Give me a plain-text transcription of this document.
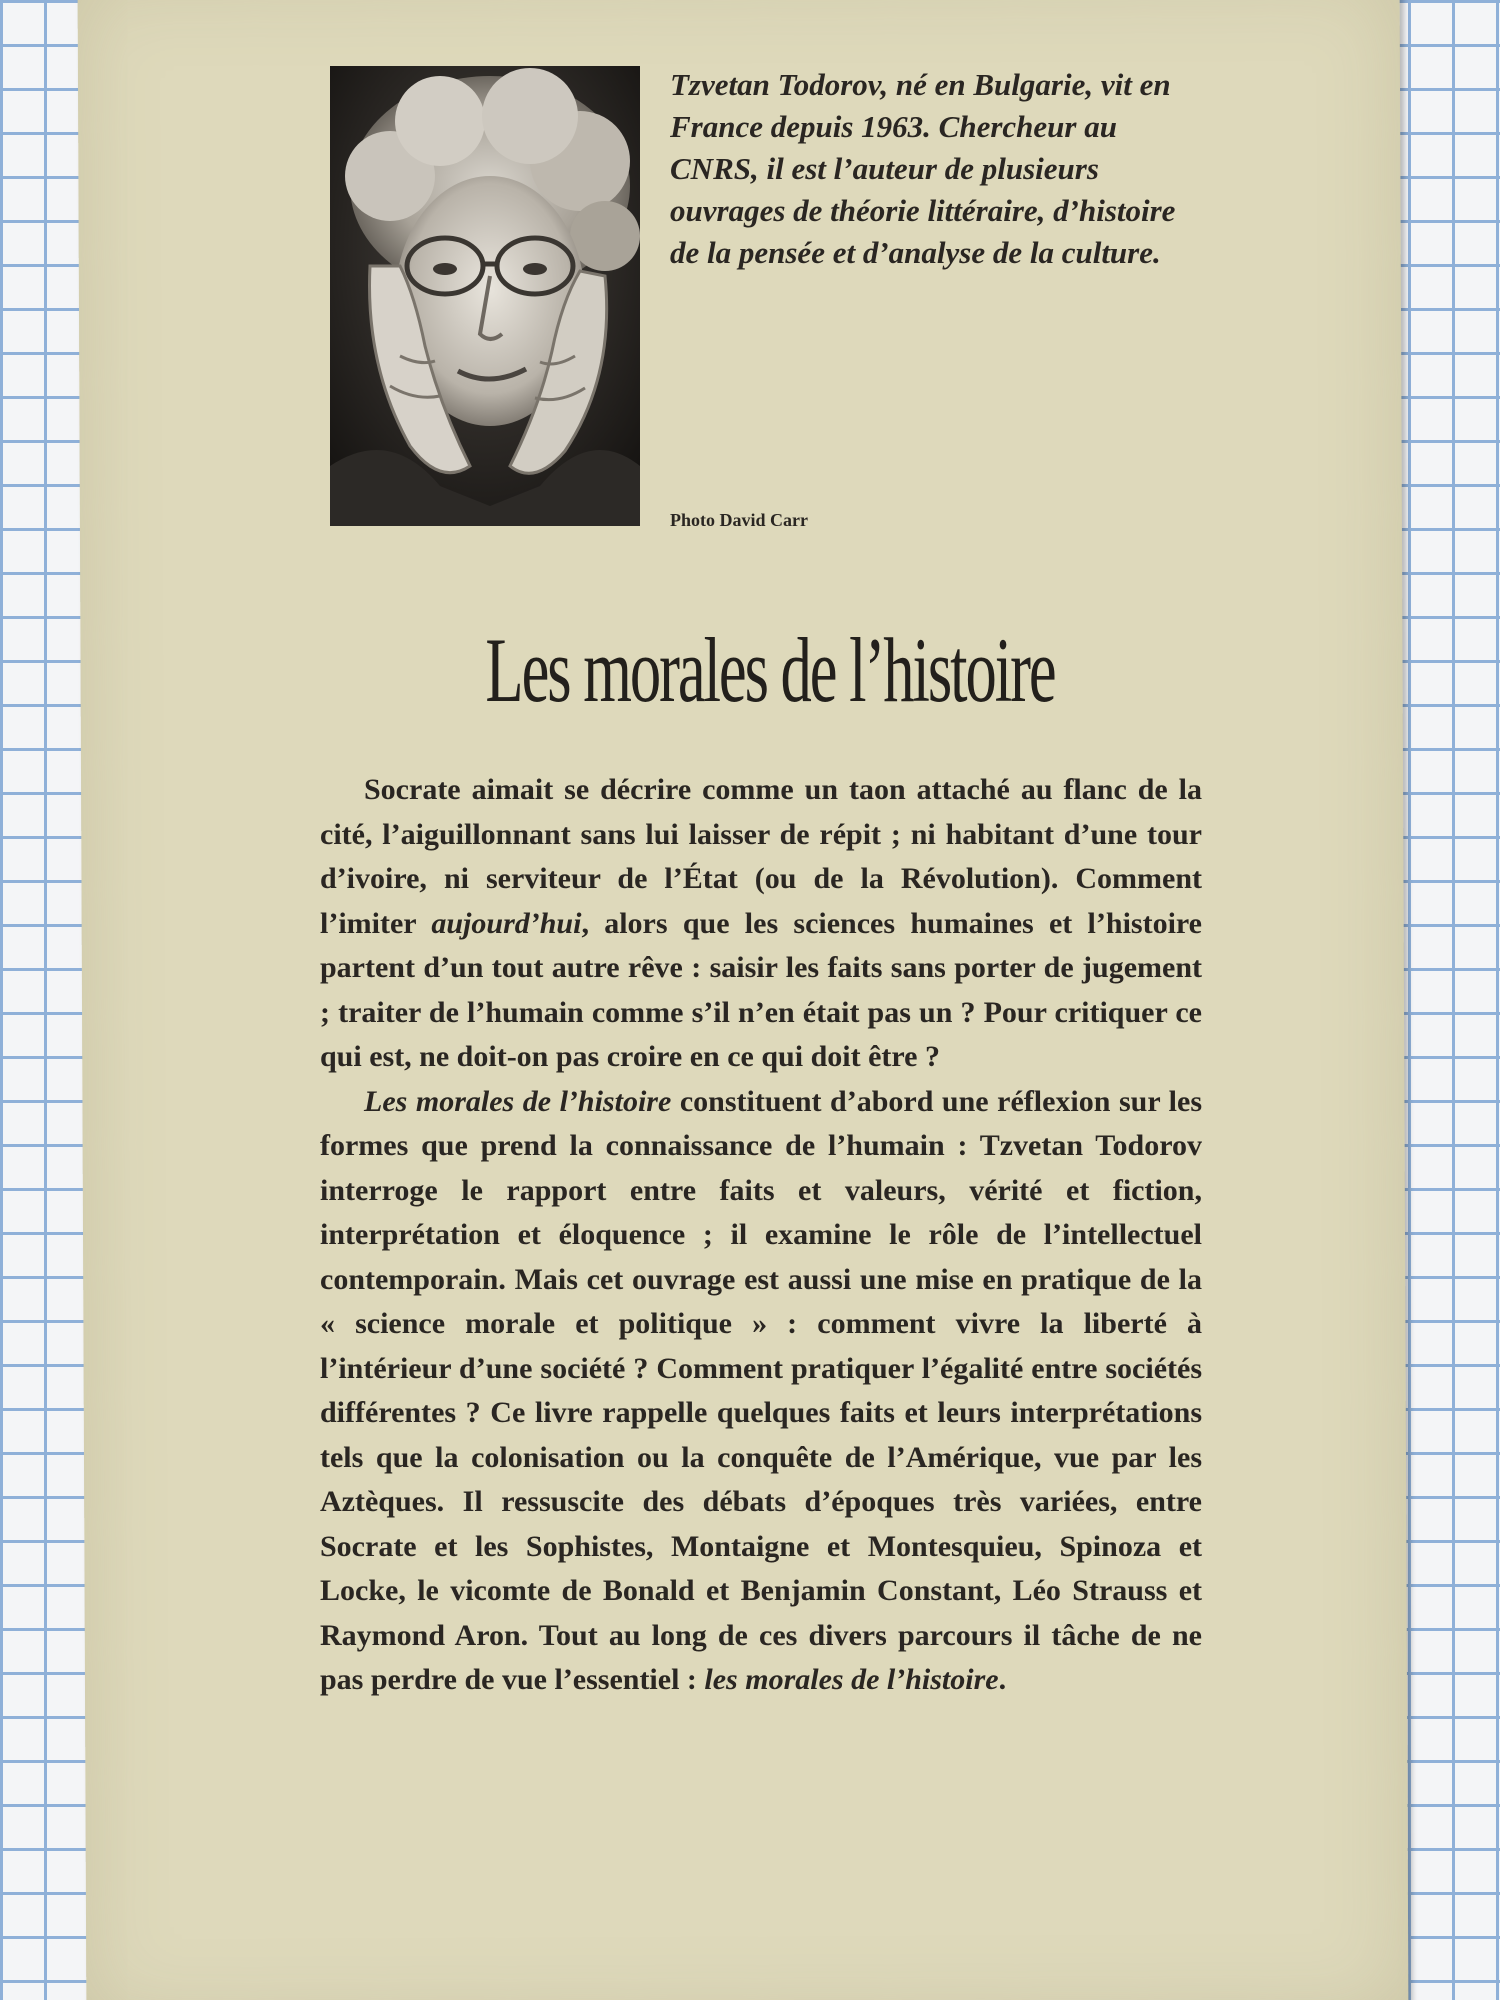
Tzvetan Todorov, né en Bulgarie, vit en France depuis 1963. Chercheur au CNRS, il est l’auteur de plusieurs ouvrages de théorie littéraire, d’histoire de la pensée et d’analyse de la culture.

Photo David Carr

Les morales de l’histoire

Socrate aimait se décrire comme un taon attaché au flanc de la cité, l’aiguillonnant sans lui laisser de répit ; ni habitant d’une tour d’ivoire, ni serviteur de l’État (ou de la Révolution). Comment l’imiter aujourd’hui, alors que les sciences humaines et l’histoire partent d’un tout autre rêve : saisir les faits sans porter de jugement ; traiter de l’humain comme s’il n’en était pas un ? Pour critiquer ce qui est, ne doit-on pas croire en ce qui doit être ?

Les morales de l’histoire constituent d’abord une réflexion sur les formes que prend la connaissance de l’humain : Tzvetan Todorov interroge le rapport entre faits et valeurs, vérité et fiction, interprétation et éloquence ; il examine le rôle de l’intellectuel contemporain. Mais cet ouvrage est aussi une mise en pratique de la « science morale et politique » : comment vivre la liberté à l’intérieur d’une société ? Comment pratiquer l’égalité entre sociétés différentes ? Ce livre rappelle quelques faits et leurs interprétations tels que la colonisation ou la conquête de l’Amérique, vue par les Aztèques. Il ressuscite des débats d’époques très variées, entre Socrate et les Sophistes, Montaigne et Montesquieu, Spinoza et Locke, le vicomte de Bonald et Benjamin Constant, Léo Strauss et Raymond Aron. Tout au long de ces divers parcours il tâche de ne pas perdre de vue l’essentiel : les morales de l’histoire.
